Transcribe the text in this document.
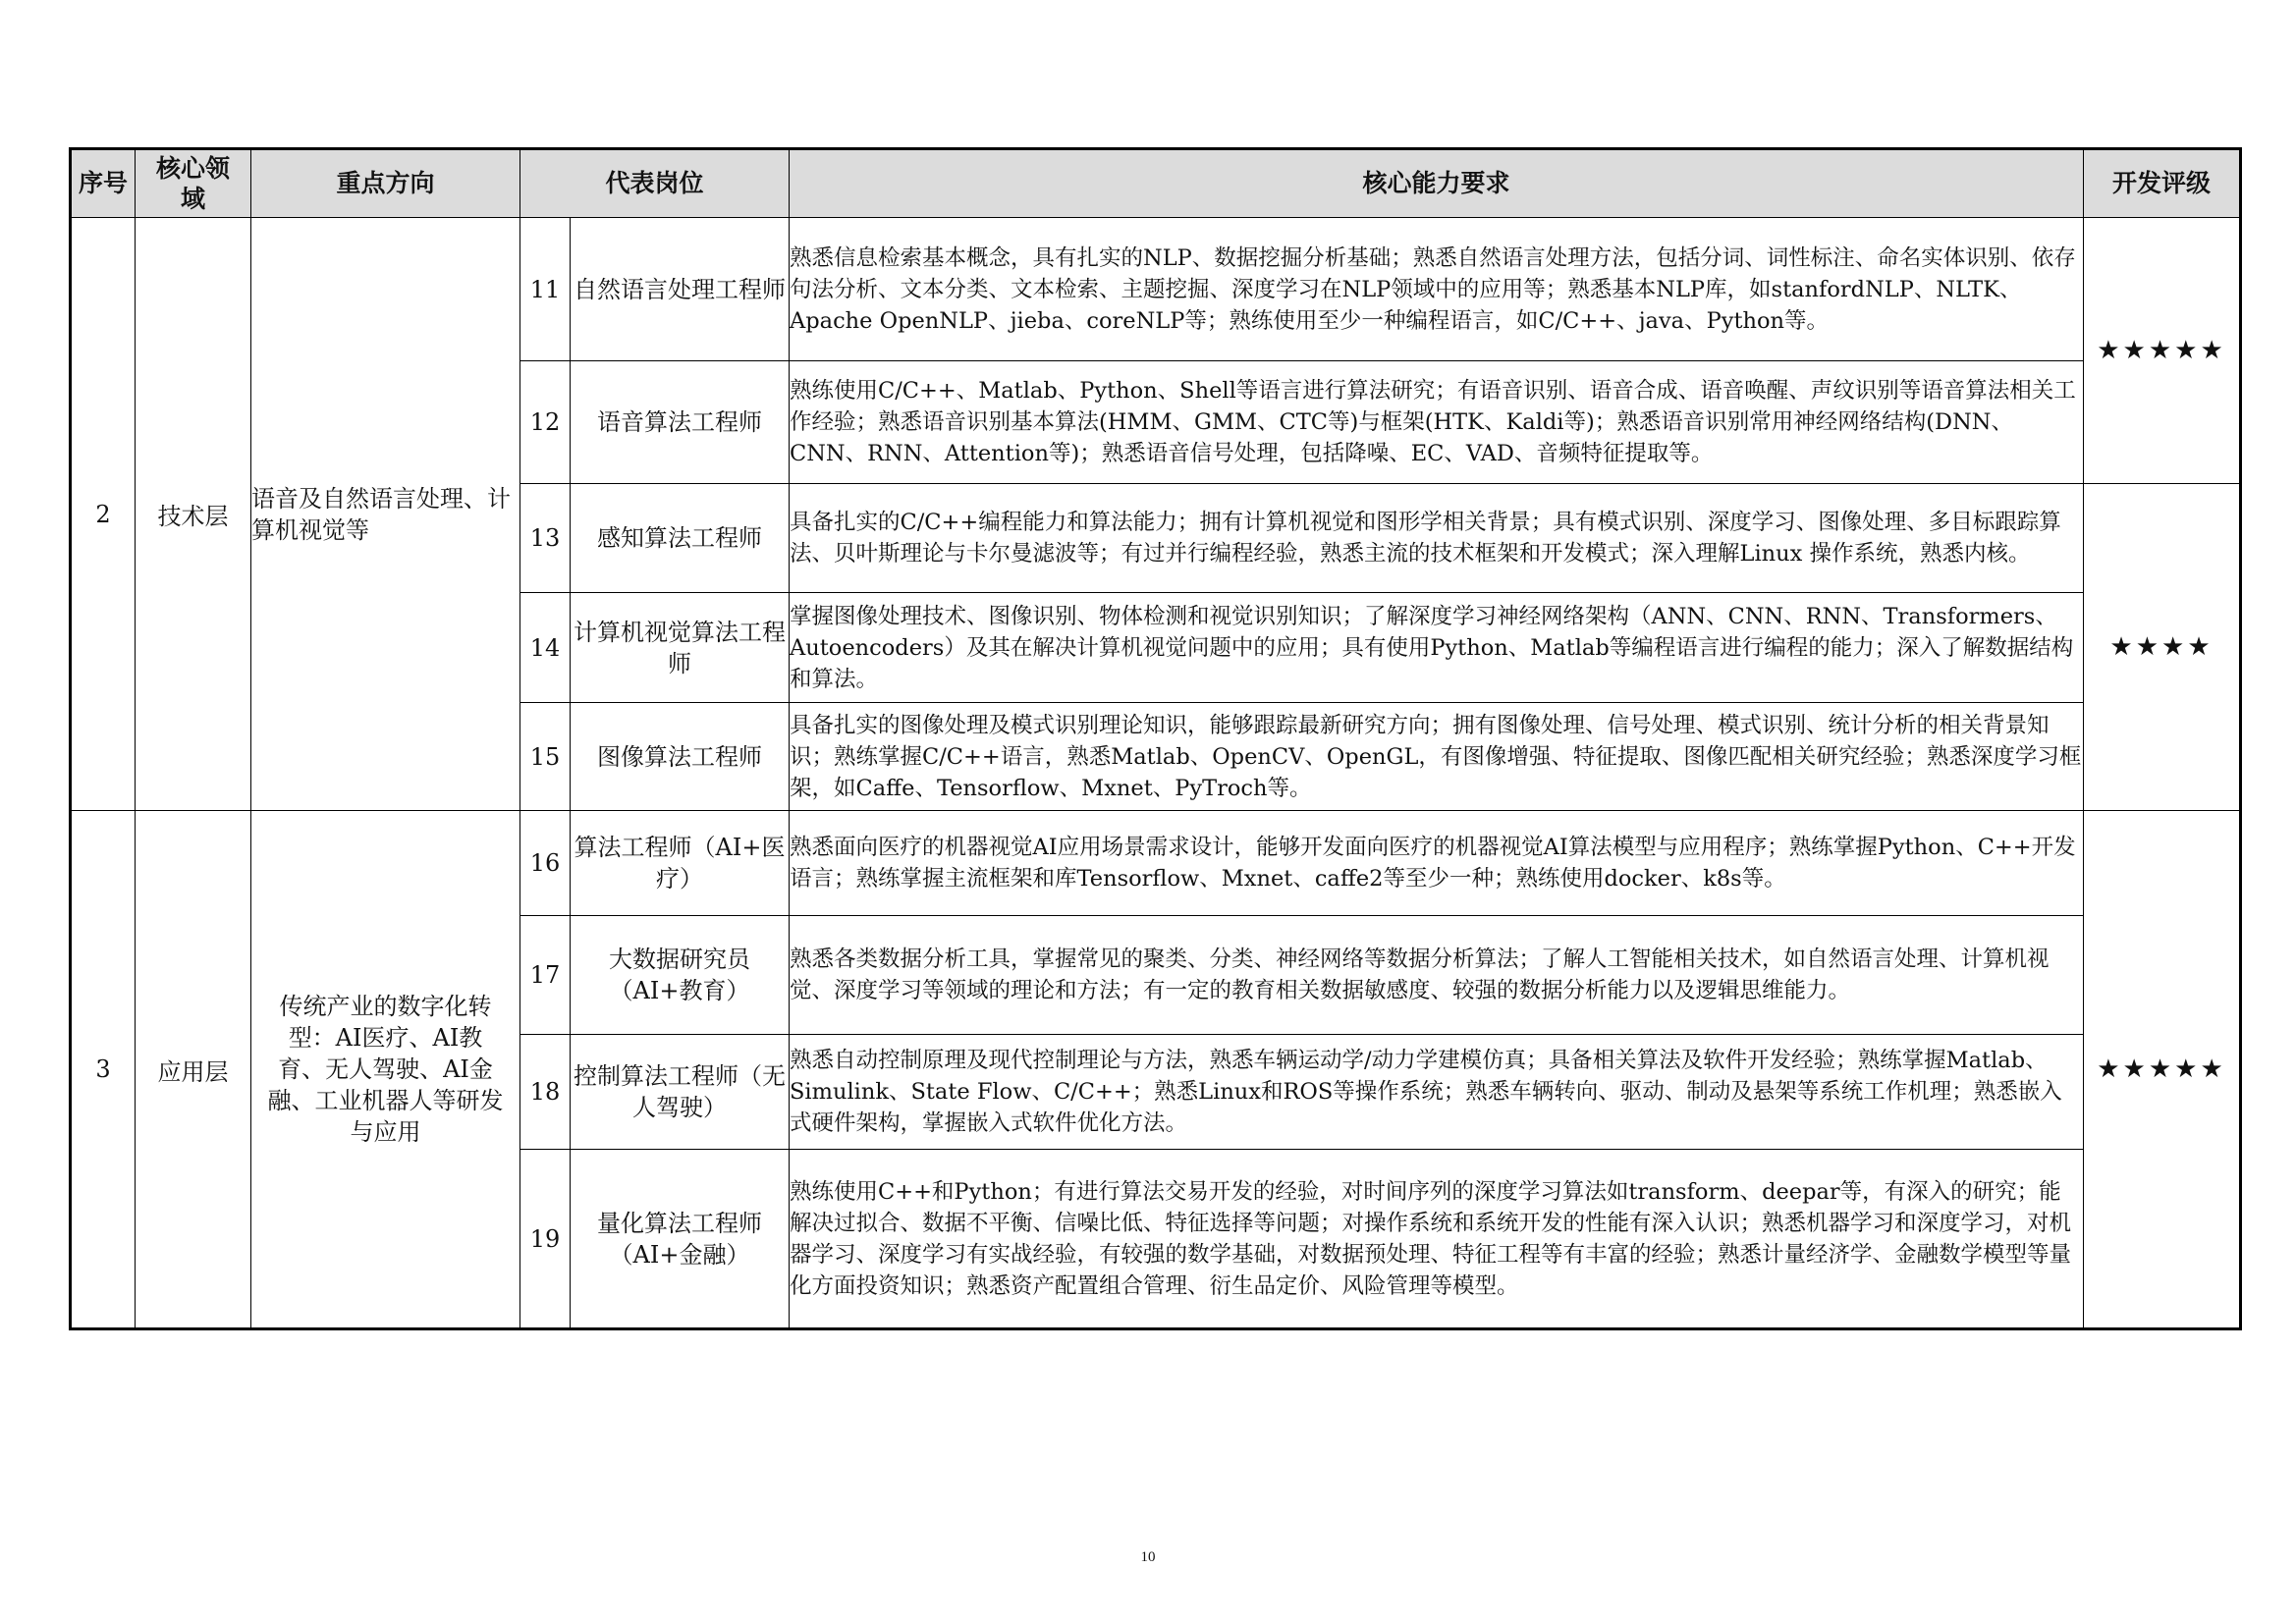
序号	核心领域	重点方向	代表岗位		核心能力要求	开发评级
2	技术层	语音及自然语言处理、计算机视觉等	11	自然语言处理工程师	熟悉信息检索基本概念，具有扎实的NLP、数据挖掘分析基础；熟悉自然语言处理方法，包括分词、词性标注、命名实体识别、依存句法分析、文本分类、文本检索、主题挖掘、深度学习在NLP领域中的应用等；熟悉基本NLP库，如stanfordNLP、NLTK、Apache OpenNLP、jieba、coreNLP等；熟练使用至少一种编程语言，如C/C++、java、Python等。	★★★★★
			12	语音算法工程师	熟练使用C/C++、Matlab、Python、Shell等语言进行算法研究；有语音识别、语音合成、语音唤醒、声纹识别等语音算法相关工作经验；熟悉语音识别基本算法(HMM、GMM、CTC等)与框架(HTK、Kaldi等)；熟悉语音识别常用神经网络结构(DNN、CNN、RNN、Attention等)；熟悉语音信号处理，包括降噪、EC、VAD、音频特征提取等。	
			13	感知算法工程师	具备扎实的C/C++编程能力和算法能力；拥有计算机视觉和图形学相关背景；具有模式识别、深度学习、图像处理、多目标跟踪算法、贝叶斯理论与卡尔曼滤波等；有过并行编程经验，熟悉主流的技术框架和开发模式；深入理解Linux 操作系统，熟悉内核。	★★★★
			14	计算机视觉算法工程师	掌握图像处理技术、图像识别、物体检测和视觉识别知识；了解深度学习神经网络架构（ANN、CNN、RNN、Transformers、Autoencoders）及其在解决计算机视觉问题中的应用；具有使用Python、Matlab等编程语言进行编程的能力；深入了解数据结构和算法。	
			15	图像算法工程师	具备扎实的图像处理及模式识别理论知识，能够跟踪最新研究方向；拥有图像处理、信号处理、模式识别、统计分析的相关背景知识；熟练掌握C/C++语言，熟悉Matlab、OpenCV、OpenGL，有图像增强、特征提取、图像匹配相关研究经验；熟悉深度学习框架，如Caffe、Tensorflow、Mxnet、PyTroch等。	
3	应用层	传统产业的数字化转型：AI医疗、AI教育、无人驾驶、AI金融、工业机器人等研发与应用	16	算法工程师（AI+医疗）	熟悉面向医疗的机器视觉AI应用场景需求设计，能够开发面向医疗的机器视觉AI算法模型与应用程序；熟练掌握Python、C++开发语言；熟练掌握主流框架和库Tensorflow、Mxnet、caffe2等至少一种；熟练使用docker、k8s等。	★★★★★
			17	大数据研究员（AI+教育）	熟悉各类数据分析工具，掌握常见的聚类、分类、神经网络等数据分析算法；了解人工智能相关技术，如自然语言处理、计算机视觉、深度学习等领域的理论和方法；有一定的教育相关数据敏感度、较强的数据分析能力以及逻辑思维能力。	
			18	控制算法工程师（无人驾驶）	熟悉自动控制原理及现代控制理论与方法，熟悉车辆运动学/动力学建模仿真；具备相关算法及软件开发经验；熟练掌握Matlab、Simulink、State Flow、C/C++；熟悉Linux和ROS等操作系统；熟悉车辆转向、驱动、制动及悬架等系统工作机理；熟悉嵌入式硬件架构，掌握嵌入式软件优化方法。	
			19	量化算法工程师（AI+金融）	熟练使用C++和Python；有进行算法交易开发的经验，对时间序列的深度学习算法如transform、deepar等，有深入的研究；能解决过拟合、数据不平衡、信噪比低、特征选择等问题；对操作系统和系统开发的性能有深入认识；熟悉机器学习和深度学习，对机器学习、深度学习有实战经验，有较强的数学基础，对数据预处理、特征工程等有丰富的经验；熟悉计量经济学、金融数学模型等量化方面投资知识；熟悉资产配置组合管理、衍生品定价、风险管理等模型。	
10
